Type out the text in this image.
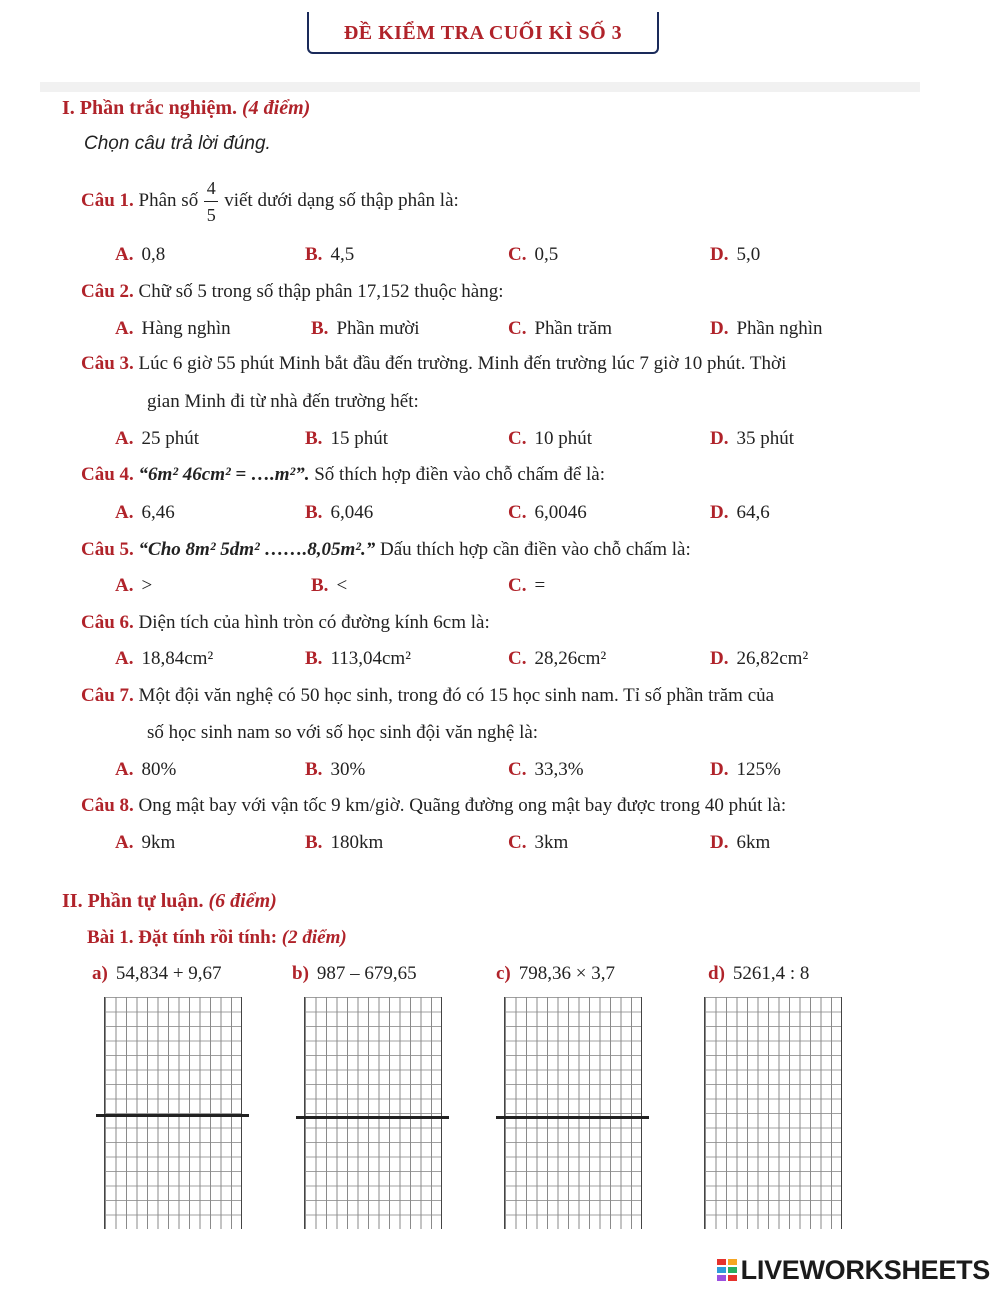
ĐỀ KIỂM TRA CUỐI KÌ SỐ 3
I. Phần trắc nghiệm. (4 điểm)
Chọn câu trả lời đúng.
Câu 1. Phân số $\frac{4}{5}$ viết dưới dạng số thập phân là:
A. 0,8	B. 4,5	C. 0,5	D. 5,0
Câu 2. Chữ số 5 trong số thập phân 17,152 thuộc hàng:
A. Hàng nghìn	B. Phần mười	C. Phần trăm	D. Phần nghìn
Câu 3. Lúc 6 giờ 55 phút Minh bắt đầu đến trường. Minh đến trường lúc 7 giờ 10 phút. Thời
gian Minh đi từ nhà đến trường hết:
A. 25 phút	B. 15 phút	C. 10 phút	D. 35 phút
Câu 4. “6m² 46cm² = ….m²”. Số thích hợp điền vào chỗ chấm để là:
A. 6,46	B. 6,046	C. 6,0046	D. 64,6
Câu 5. “Cho 8m² 5dm² …….8,05m².” Dấu thích hợp cần điền vào chỗ chấm là:
A. >	B. <	C. =
Câu 6. Diện tích của hình tròn có đường kính 6cm là:
A. 18,84cm²	B. 113,04cm²	C. 28,26cm²	D. 26,82cm²
Câu 7. Một đội văn nghệ có 50 học sinh, trong đó có 15 học sinh nam. Tỉ số phần trăm của
số học sinh nam so với số học sinh đội văn nghệ là:
A. 80%	B. 30%	C. 33,3%	D. 125%
Câu 8. Ong mật bay với vận tốc 9 km/giờ. Quãng đường ong mật bay được trong 40 phút là:
A. 9km	B. 180km	C. 3km	D. 6km
II. Phần tự luận. (6 điểm)
Bài 1. Đặt tính rồi tính: (2 điểm)
a) 54,834 + 9,67	b) 987 – 679,65	c) 798,36 × 3,7	d) 5261,4 : 8
LIVEWORKSHEETS
